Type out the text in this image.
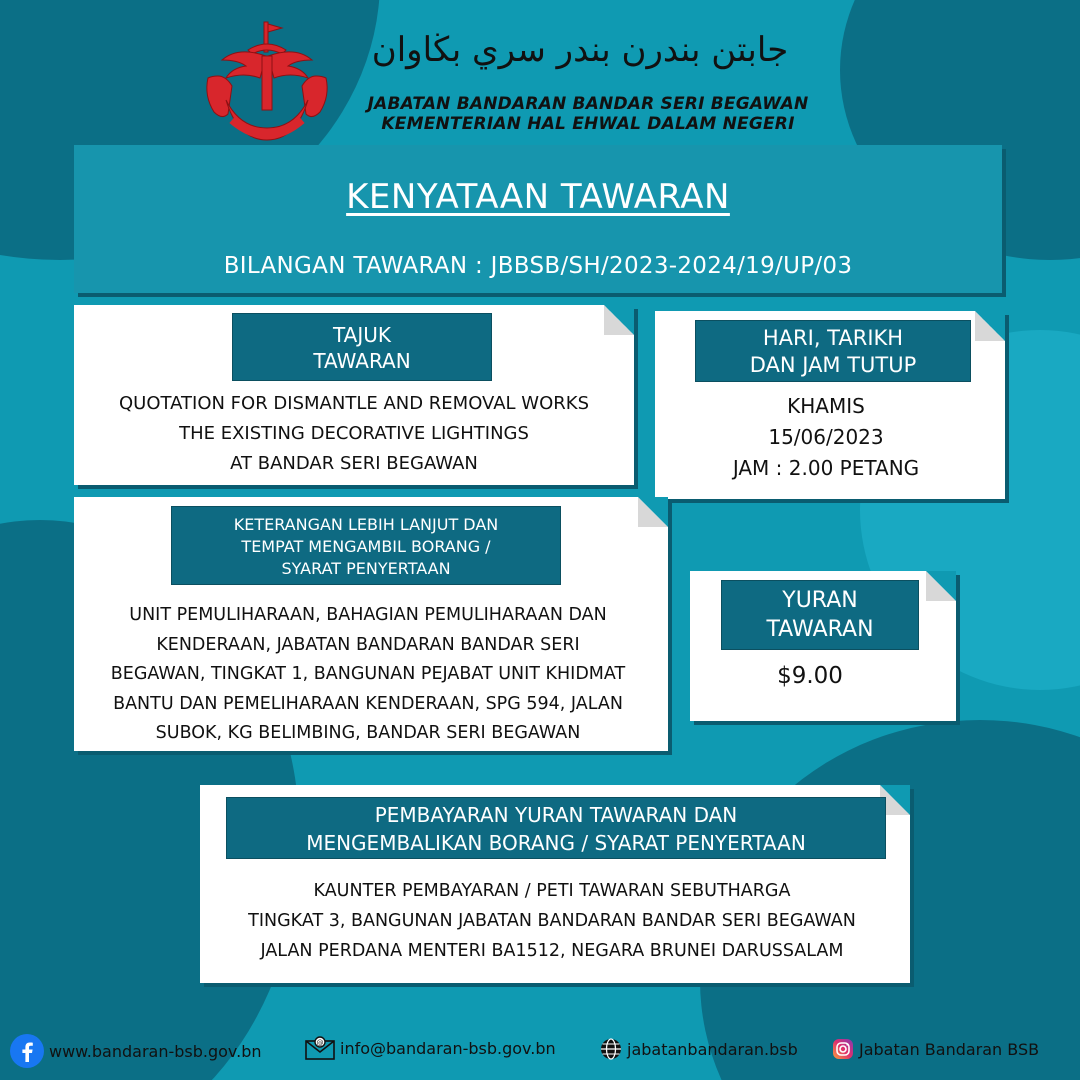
جابتن بندرن بندر سري بڬاوان
JABATAN BANDARAN BANDAR SERI BEGAWAN
KEMENTERIAN HAL EHWAL DALAM NEGERI
KENYATAAN TAWARAN
BILANGAN TAWARAN : JBBSB/SH/2023-2024/19/UP/03
TAJUK
TAWARAN
QUOTATION FOR DISMANTLE AND REMOVAL WORKS
THE EXISTING DECORATIVE LIGHTINGS
AT BANDAR SERI BEGAWAN
HARI, TARIKH
DAN JAM TUTUP
KHAMIS
15/06/2023
JAM : 2.00 PETANG
KETERANGAN LEBIH LANJUT DAN
TEMPAT MENGAMBIL BORANG /
SYARAT PENYERTAAN
UNIT PEMULIHARAAN, BAHAGIAN PEMULIHARAAN DAN
KENDERAAN, JABATAN BANDARAN BANDAR SERI
BEGAWAN, TINGKAT 1, BANGUNAN PEJABAT UNIT KHIDMAT
BANTU DAN PEMELIHARAAN KENDERAAN, SPG 594, JALAN
SUBOK, KG BELIMBING, BANDAR SERI BEGAWAN
YURAN
TAWARAN
$9.00
PEMBAYARAN YURAN TAWARAN DAN
MENGEMBALIKAN BORANG / SYARAT PENYERTAAN
KAUNTER PEMBAYARAN / PETI TAWARAN SEBUTHARGA
TINGKAT 3, BANGUNAN JABATAN BANDARAN BANDAR SERI BEGAWAN
JALAN PERDANA MENTERI BA1512, NEGARA BRUNEI DARUSSALAM
www.bandaran-bsb.gov.bn	@ info@bandaran-bsb.gov.bn	jabatanbandaran.bsb	Jabatan Bandaran BSB
